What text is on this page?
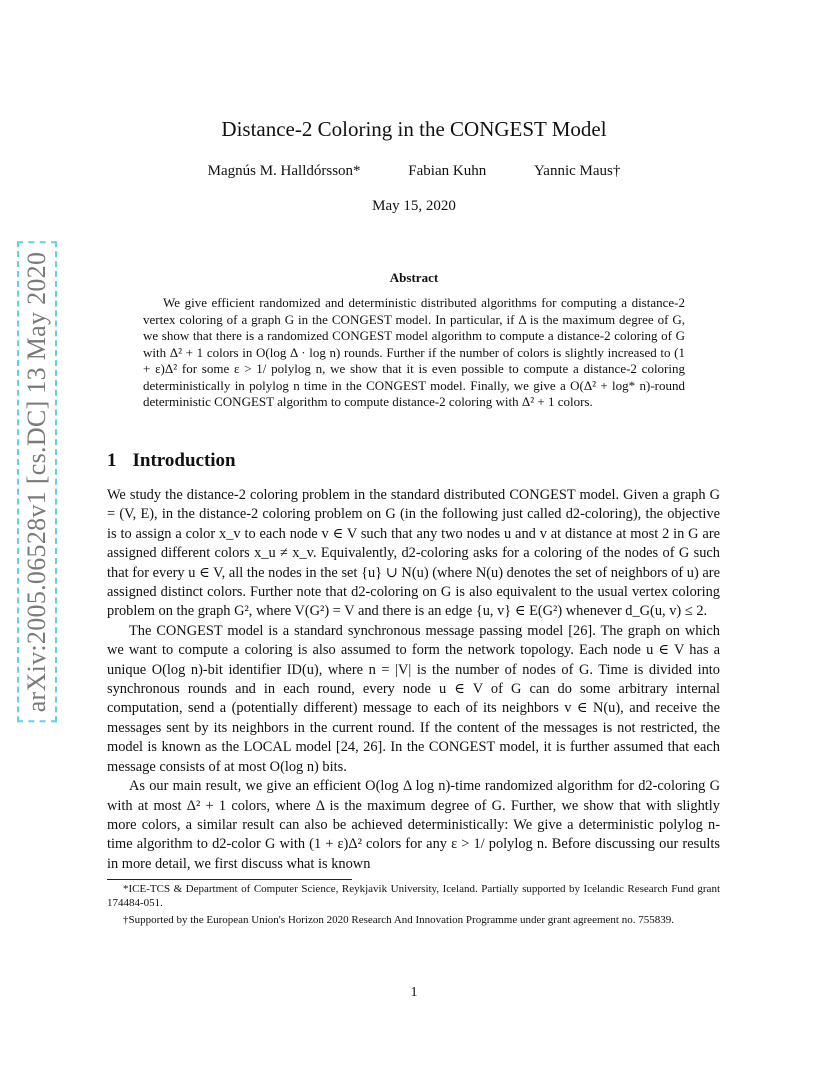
Distance-2 Coloring in the CONGEST Model
Magnús M. Halldórsson*	Fabian Kuhn	Yannic Maus†
May 15, 2020
arXiv:2005.06528v1 [cs.DC] 13 May 2020	Abstract

We give efficient randomized and deterministic distributed algorithms for computing a distance-2 vertex coloring of a graph G in the CONGEST model. In particular, if Δ is the maximum degree of G, we show that there is a randomized CONGEST model algorithm to compute a distance-2 coloring of G with Δ² + 1 colors in O(log Δ · log n) rounds. Further if the number of colors is slightly increased to (1 + ε)Δ² for some ε > 1/ polylog n, we show that it is even possible to compute a distance-2 coloring deterministically in polylog n time in the CONGEST model. Finally, we give a O(Δ² + log* n)-round deterministic CONGEST algorithm to compute distance-2 coloring with Δ² + 1 colors.

1 Introduction

We study the distance-2 coloring problem in the standard distributed CONGEST model. Given a graph G = (V, E), in the distance-2 coloring problem on G (in the following just called d2-coloring), the objective is to assign a color x_v to each node v ∈ V such that any two nodes u and v at distance at most 2 in G are assigned different colors x_u ≠ x_v. Equivalently, d2-coloring asks for a coloring of the nodes of G such that for every u ∈ V, all the nodes in the set {u} ∪ N(u) (where N(u) denotes the set of neighbors of u) are assigned distinct colors. Further note that d2-coloring on G is also equivalent to the usual vertex coloring problem on the graph G², where V(G²) = V and there is an edge {u, v} ∈ E(G²) whenever d_G(u, v) ≤ 2.

The CONGEST model is a standard synchronous message passing model [26]. The graph on which we want to compute a coloring is also assumed to form the network topology. Each node u ∈ V has a unique O(log n)-bit identifier ID(u), where n = |V| is the number of nodes of G. Time is divided into synchronous rounds and in each round, every node u ∈ V of G can do some arbitrary internal computation, send a (potentially different) message to each of its neighbors v ∈ N(u), and receive the messages sent by its neighbors in the current round. If the content of the messages is not restricted, the model is known as the LOCAL model [24, 26]. In the CONGEST model, it is further assumed that each message consists of at most O(log n) bits.

As our main result, we give an efficient O(log Δ log n)-time randomized algorithm for d2-coloring G with at most Δ² + 1 colors, where Δ is the maximum degree of G. Further, we show that with slightly more colors, a similar result can also be achieved deterministically: We give a deterministic polylog n-time algorithm to d2-color G with (1 + ε)Δ² colors for any ε > 1/ polylog n. Before discussing our results in more detail, we first discuss what is known

*ICE-TCS & Department of Computer Science, Reykjavik University, Iceland. Partially supported by Icelandic Research Fund grant 174484-051.

†Supported by the European Union's Horizon 2020 Research And Innovation Programme under grant agreement no. 755839.

1
